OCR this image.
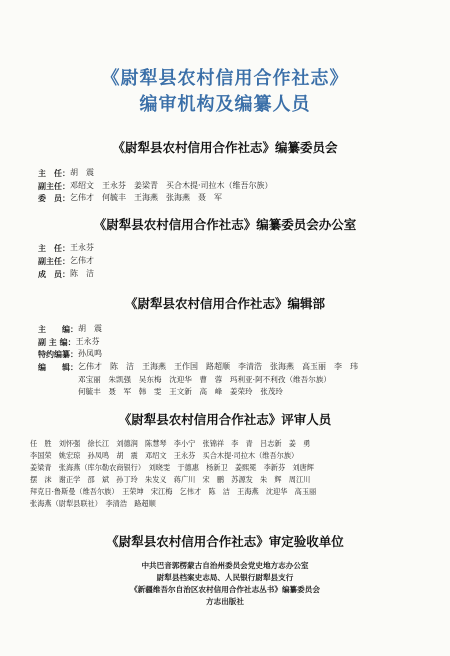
《尉犁县农村信用合作社志》
编审机构及编纂人员
《尉犁县农村信用合作社志》编纂委员会
主　任： 胡　震
副主任： 邓绍文　王永芬　姜梁青　买合木提·司拉木（维吾尔族）
委　员： 乞伟才　何毓丰　王海燕　张海燕　聂　军
《尉犁县农村信用合作社志》编纂委员会办公室
主　任： 王永芬
副主任： 乞伟才
成　员： 陈　洁
《尉犁县农村信用合作社志》编辑部
主　　编： 胡　震
副 主 编： 王永芬
特约编纂： 孙凤鸣
编　　辑： 乞伟才　陈　洁　王海燕　王作国　路超顺　李清浩　张海燕　高玉丽　李　玮
邓宝丽　朱凯强　吴东梅　沈迎华　曹　蓉　玛利亚·阿不利孜（维吾尔族）
何毓丰　聂　军　韩　雯　王文新　高　峰　姜荣玲　张茂玲
《尉犁县农村信用合作社志》评审人员
任　胜　刘怀强　徐长江　刘德润　陈慧琴　李小宁　张锦祥　李　青　吕志新　姜　勇
李国荣　姚宏琼　孙凤鸣　胡　震　邓绍文　王永芬　买合木提·司拉木（维吾尔族）
姜梁青　张海燕（库尔勒农商银行）　刘晓雯　于德惠　杨新卫　姜熙冕　李新芬　刘唐辉
摆　沫　谢正学　邵　斌　孙丁玲　朱发义　蒋广川　宋　鹏　苏源发　朱　辉　周江川
拜克日·鲁斯曼（维吾尔族）　王荣坤　宋江梅　乞伟才　陈　洁　王海燕　沈迎华　高玉丽
张海燕（尉犁县联社）　李清浩　路超顺
《尉犁县农村信用合作社志》审定验收单位
中共巴音郭楞蒙古自治州委员会党史地方志办公室
尉犁县档案史志局、人民银行尉犁县支行
《新疆维吾尔自治区农村信用合作社志丛书》编纂委员会
方志出版社
